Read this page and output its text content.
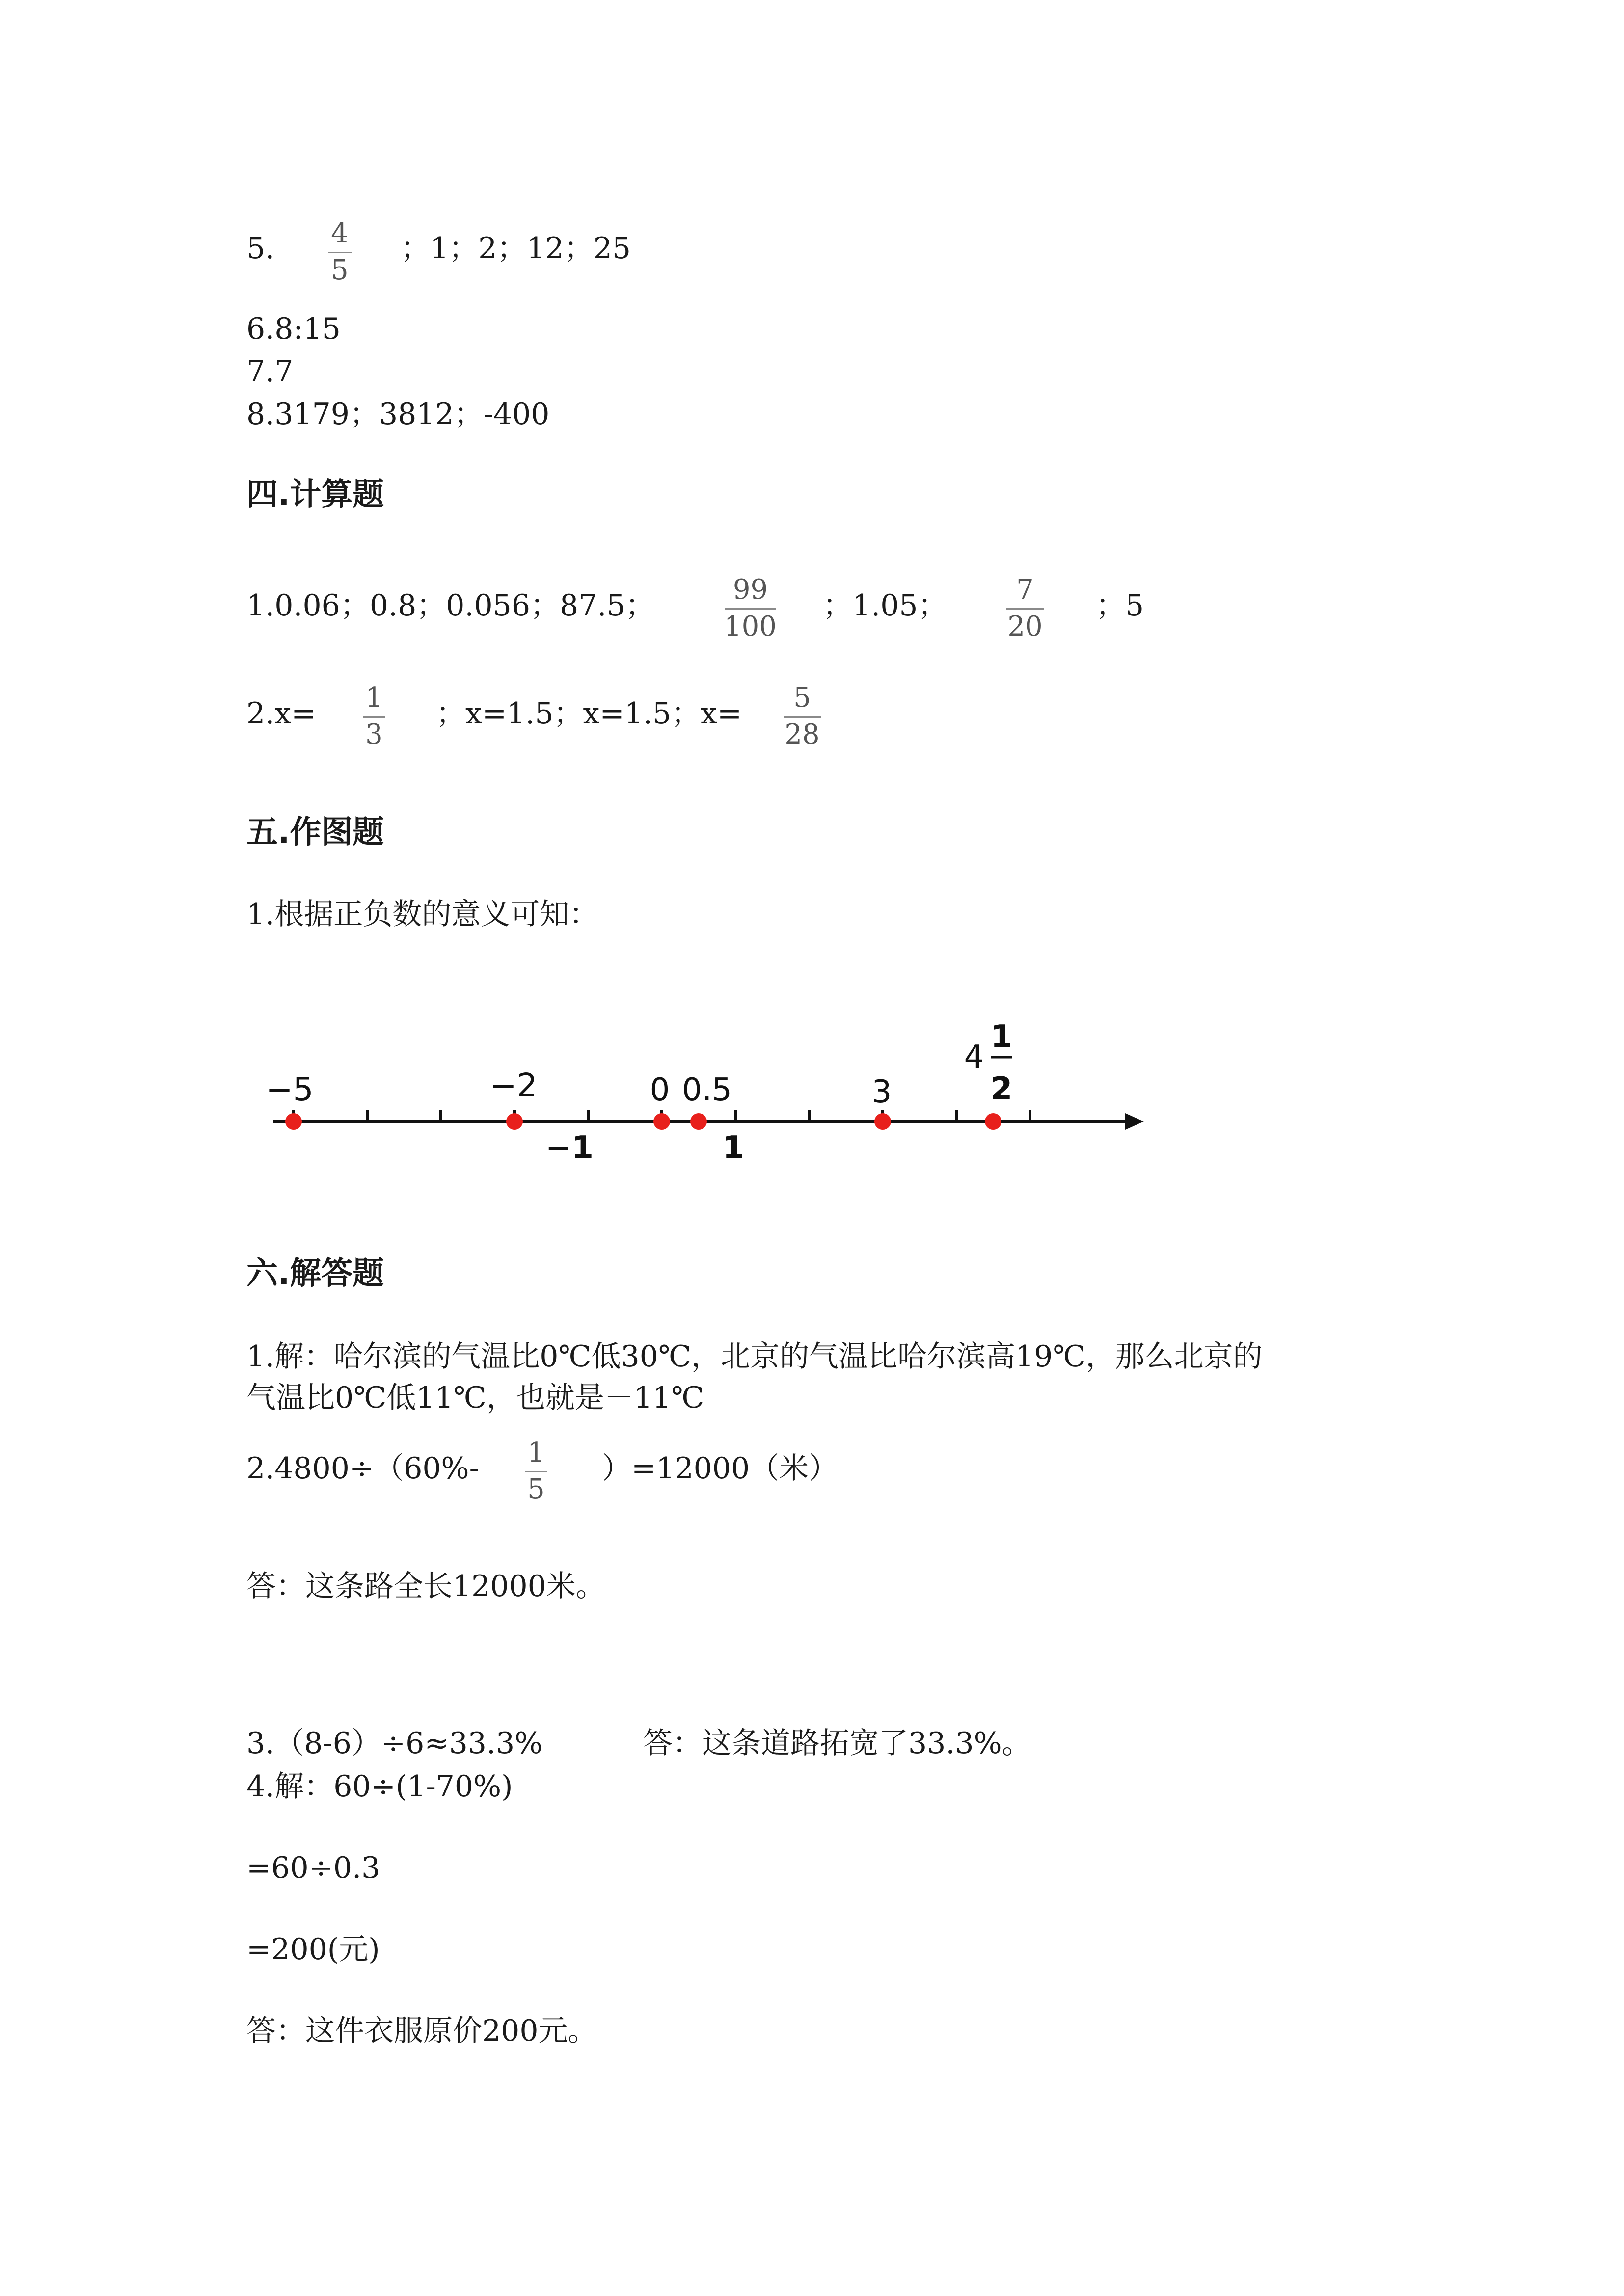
5. 4
5
；1；2；12；25
6.8:15
7.7
8.3179；3812；-400
四.计算题
1.0.06；0.8；0.056；87.5；	99
100
；1.05；	7
20
；5
2.x= 1
3
；x=1.5；x=1.5；x= 5
28
五.作图题
1.根据正负数的意义可知：
−5	−2	0 0.5	3
4
1
2
−1	1
六.解答题
1.解：哈尔滨的气温比0℃低30℃，北京的气温比哈尔滨高19℃，那么北京的
气温比0℃低11℃，也就是－11℃
2.4800÷（60%- 1
5
）=12000（米）
答：这条路全长12000米。
3.（8-6）÷6≈33.3%	答：这条道路拓宽了33.3%。
4.解：60÷(1-70%)
=60÷0.3
=200(元)
答：这件衣服原价200元。
